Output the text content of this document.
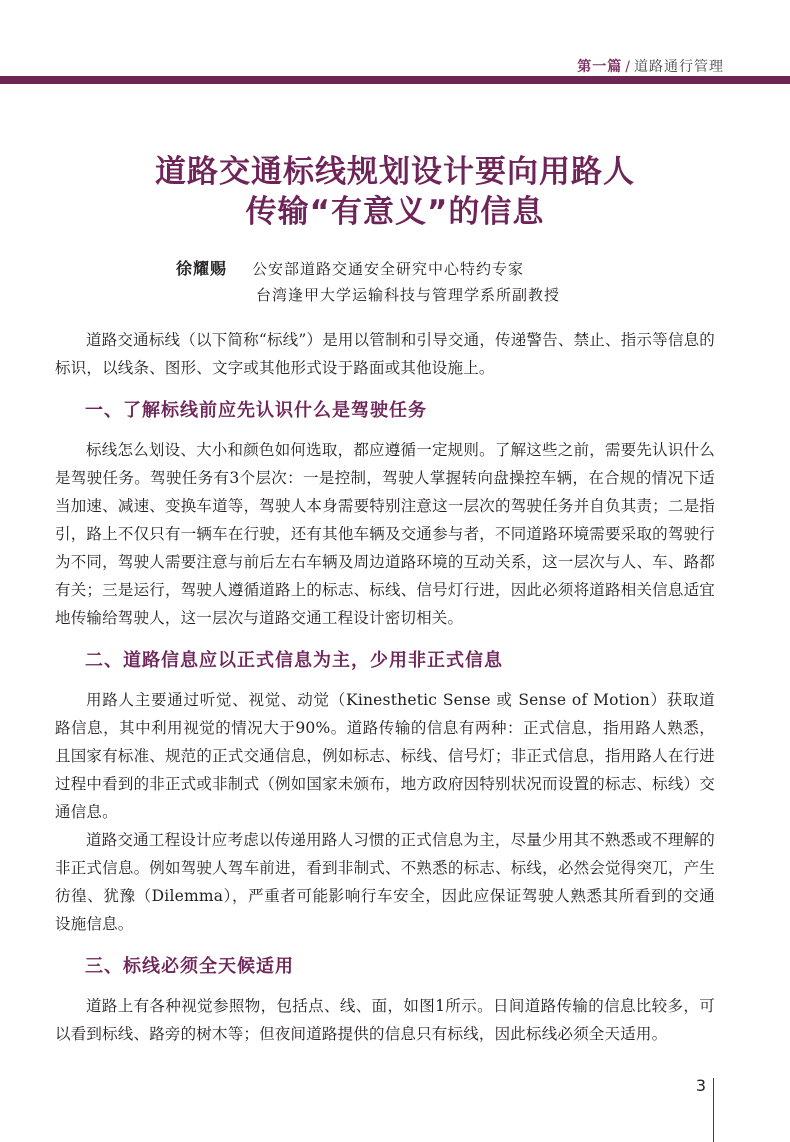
第一篇 / 道路通行管理
道路交通标线规划设计要向用路人
传输“有意义”的信息
徐耀赐 公安部道路交通安全研究中心特约专家
台湾逢甲大学运输科技与管理学系所副教授

道路交通标线（以下简称“标线”）是用以管制和引导交通，传递警告、禁止、指示等信息的标识，以线条、图形、文字或其他形式设于路面或其他设施上。

一、了解标线前应先认识什么是驾驶任务

标线怎么划设、大小和颜色如何选取，都应遵循一定规则。了解这些之前，需要先认识什么是驾驶任务。驾驶任务有3个层次：一是控制，驾驶人掌握转向盘操控车辆，在合规的情况下适当加速、减速、变换车道等，驾驶人本身需要特别注意这一层次的驾驶任务并自负其责；二是指引，路上不仅只有一辆车在行驶，还有其他车辆及交通参与者，不同道路环境需要采取的驾驶行为不同，驾驶人需要注意与前后左右车辆及周边道路环境的互动关系，这一层次与人、车、路都有关；三是运行，驾驶人遵循道路上的标志、标线、信号灯行进，因此必须将道路相关信息适宜地传输给驾驶人，这一层次与道路交通工程设计密切相关。

二、道路信息应以正式信息为主，少用非正式信息

用路人主要通过听觉、视觉、动觉（Kinesthetic Sense 或 Sense of Motion）获取道路信息，其中利用视觉的情况大于90%。道路传输的信息有两种：正式信息，指用路人熟悉，且国家有标准、规范的正式交通信息，例如标志、标线、信号灯；非正式信息，指用路人在行进过程中看到的非正式或非制式（例如国家未颁布，地方政府因特别状况而设置的标志、标线）交通信息。

道路交通工程设计应考虑以传递用路人习惯的正式信息为主，尽量少用其不熟悉或不理解的非正式信息。例如驾驶人驾车前进，看到非制式、不熟悉的标志、标线，必然会觉得突兀，产生彷徨、犹豫（Dilemma），严重者可能影响行车安全，因此应保证驾驶人熟悉其所看到的交通设施信息。

三、标线必须全天候适用

道路上有各种视觉参照物，包括点、线、面，如图1所示。日间道路传输的信息比较多，可以看到标线、路旁的树木等；但夜间道路提供的信息只有标线，因此标线必须全天适用。

3
